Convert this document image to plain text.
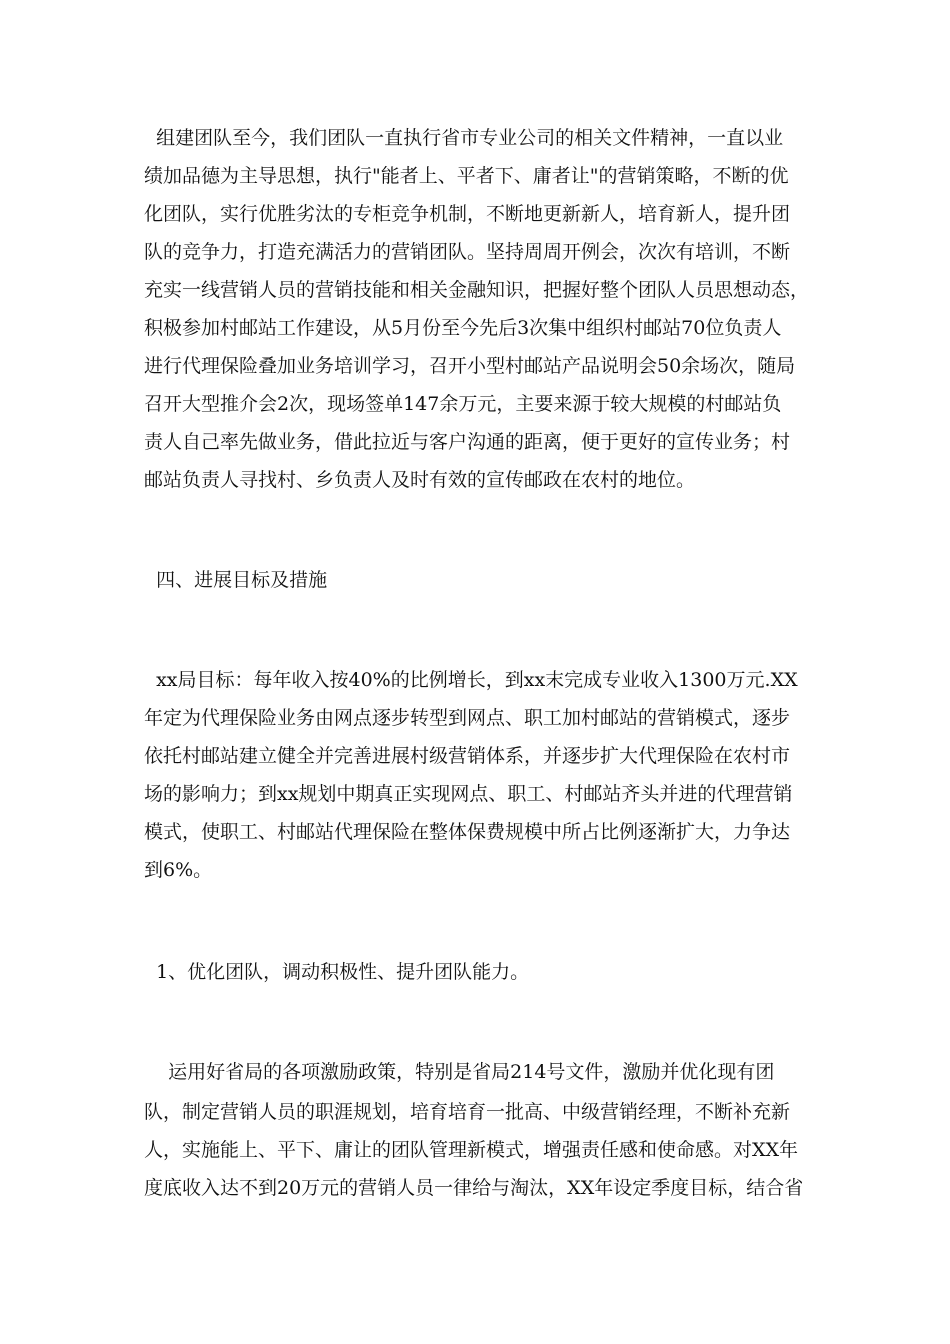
组建团队至今，我们团队一直执行省市专业公司的相关文件精神，一直以业
绩加品德为主导思想，执行"能者上、平者下、庸者让"的营销策略，不断的优
化团队，实行优胜劣汰的专柜竞争机制，不断地更新新人，培育新人，提升团
队的竞争力，打造充满活力的营销团队。坚持周周开例会，次次有培训，不断
充实一线营销人员的营销技能和相关金融知识，把握好整个团队人员思想动态，
积极参加村邮站工作建设，从5月份至今先后3次集中组织村邮站70位负责人
进行代理保险叠加业务培训学习，召开小型村邮站产品说明会50余场次，随局
召开大型推介会2次，现场签单147余万元，主要来源于较大规模的村邮站负
责人自己率先做业务，借此拉近与客户沟通的距离，便于更好的宣传业务；村
邮站负责人寻找村、乡负责人及时有效的宣传邮政在农村的地位。
四、进展目标及措施
xx局目标：每年收入按40%的比例增长，到xx末完成专业收入1300万元.XX
年定为代理保险业务由网点逐步转型到网点、职工加村邮站的营销模式，逐步
依托村邮站建立健全并完善进展村级营销体系，并逐步扩大代理保险在农村市
场的影响力；到xx规划中期真正实现网点、职工、村邮站齐头并进的代理营销
模式，使职工、村邮站代理保险在整体保费规模中所占比例逐渐扩大，力争达
到6%。
1、优化团队，调动积极性、提升团队能力。
运用好省局的各项激励政策，特别是省局214号文件，激励并优化现有团
队，制定营销人员的职涯规划，培育培育一批高、中级营销经理，不断补充新
人，实施能上、平下、庸让的团队管理新模式，增强责任感和使命感。对XX年
度底收入达不到20万元的营销人员一律给与淘汰，XX年设定季度目标，结合省
